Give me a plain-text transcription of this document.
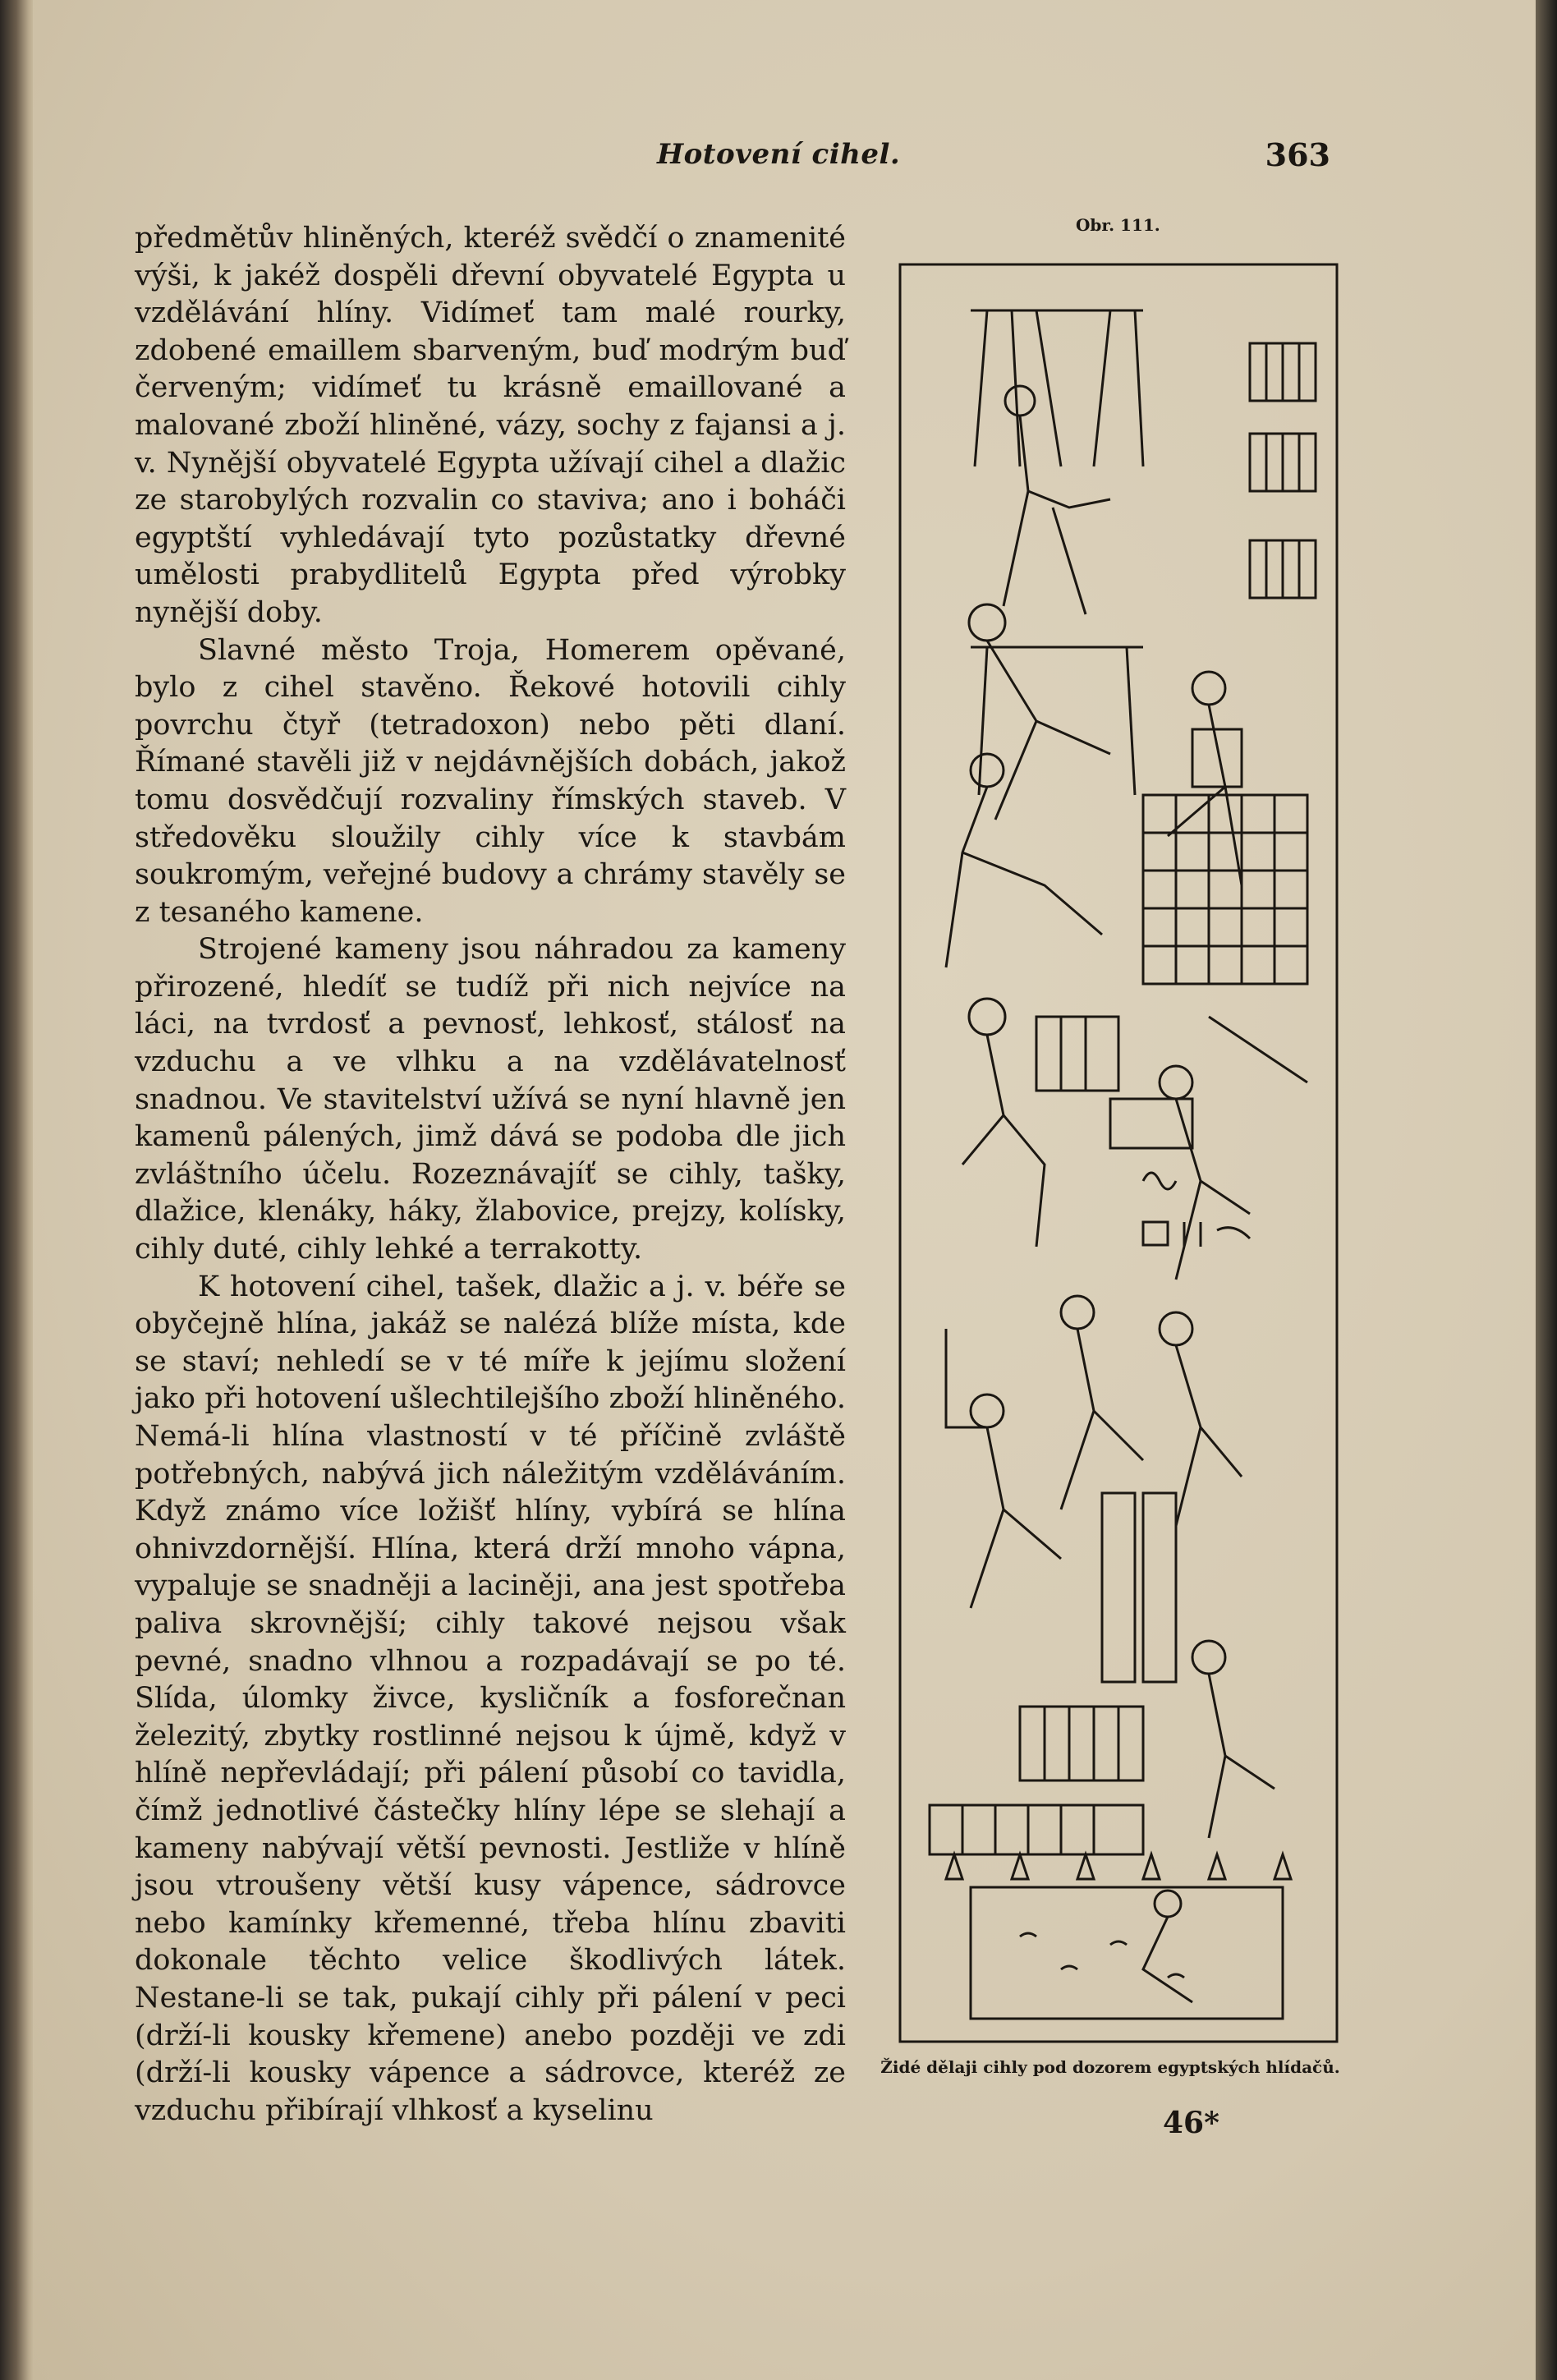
Hotovení cihel.	363

předmětův hliněných, kteréž svědčí o znamenité výši, k jakéž dospěli dřevní obyvatelé Egypta u vzdělávání hlíny. Vidímeť tam malé rourky, zdobené emaillem sbarveným, buď modrým buď červeným; vidímeť tu krásně emaillované a malované zboží hliněné, vázy, sochy z fajansi a j. v. Nynější obyvatelé Egypta užívají cihel a dlažic ze starobylých rozvalin co staviva; ano i boháči egyptští vyhledávají tyto pozůstatky dřevné umělosti prabydlitelů Egypta před výrobky nynější doby.

Slavné město Troja, Homerem opěvané, bylo z cihel stavěno. Řekové hotovili cihly povrchu čtyř (tetradoxon) nebo pěti dlaní. Římané stavěli již v nejdávnějších dobách, jakož tomu dosvědčují rozvaliny římských staveb. V středověku sloužily cihly více k stavbám soukromým, veřejné budovy a chrámy stavěly se z tesaného kamene.

Strojené kameny jsou náhradou za kameny přirozené, hledíť se tudíž při nich nejvíce na láci, na tvrdosť a pevnosť, lehkosť, stálosť na vzduchu a ve vlhku a na vzdělávatelnosť snadnou. Ve stavitelství užívá se nyní hlavně jen kamenů pálených, jimž dává se podoba dle jich zvláštního účelu. Rozeznávajíť se cihly, tašky, dlažice, klenáky, háky, žlabovice, prejzy, kolísky, cihly duté, cihly lehké a terrakotty.

K hotovení cihel, tašek, dlažic a j. v. béře se obyčejně hlína, jakáž se nalézá blíže místa, kde se staví; nehledí se v té míře k jejímu složení jako při hotovení ušlechtilejšího zboží hliněného. Nemá-li hlína vlastností v té příčině zvláště potřebných, nabývá jich náležitým vzděláváním. Když známo více ložišť hlíny, vybírá se hlína ohnivzdornější. Hlína, která drží mnoho vápna, vypaluje se snadněji a laciněji, ana jest spotřeba paliva skrovnější; cihly takové nejsou však pevné, snadno vlhnou a rozpadávají se po té. Slída, úlomky živce, kysličník a fosforečnan železitý, zbytky rostlinné nejsou k újmě, když v hlíně nepřevládají; při pálení působí co tavidla, čímž jednotlivé částečky hlíny lépe se slehají a kameny nabývají větší pevnosti. Jestliže v hlíně jsou vtroušeny větší kusy vápence, sádrovce nebo kamínky křemenné, třeba hlínu zbaviti dokonale těchto velice škodlivých látek. Nestane-li se tak, pukají cihly při pálení v peci (drží-li kousky křemene) anebo později ve zdi (drží-li kousky vápence a sádrovce, kteréž ze vzduchu přibírají vlhkosť a kyselinu

Obr. 111.
Židé dělaji cihly pod dozorem egyptských hlídačů.
46*
